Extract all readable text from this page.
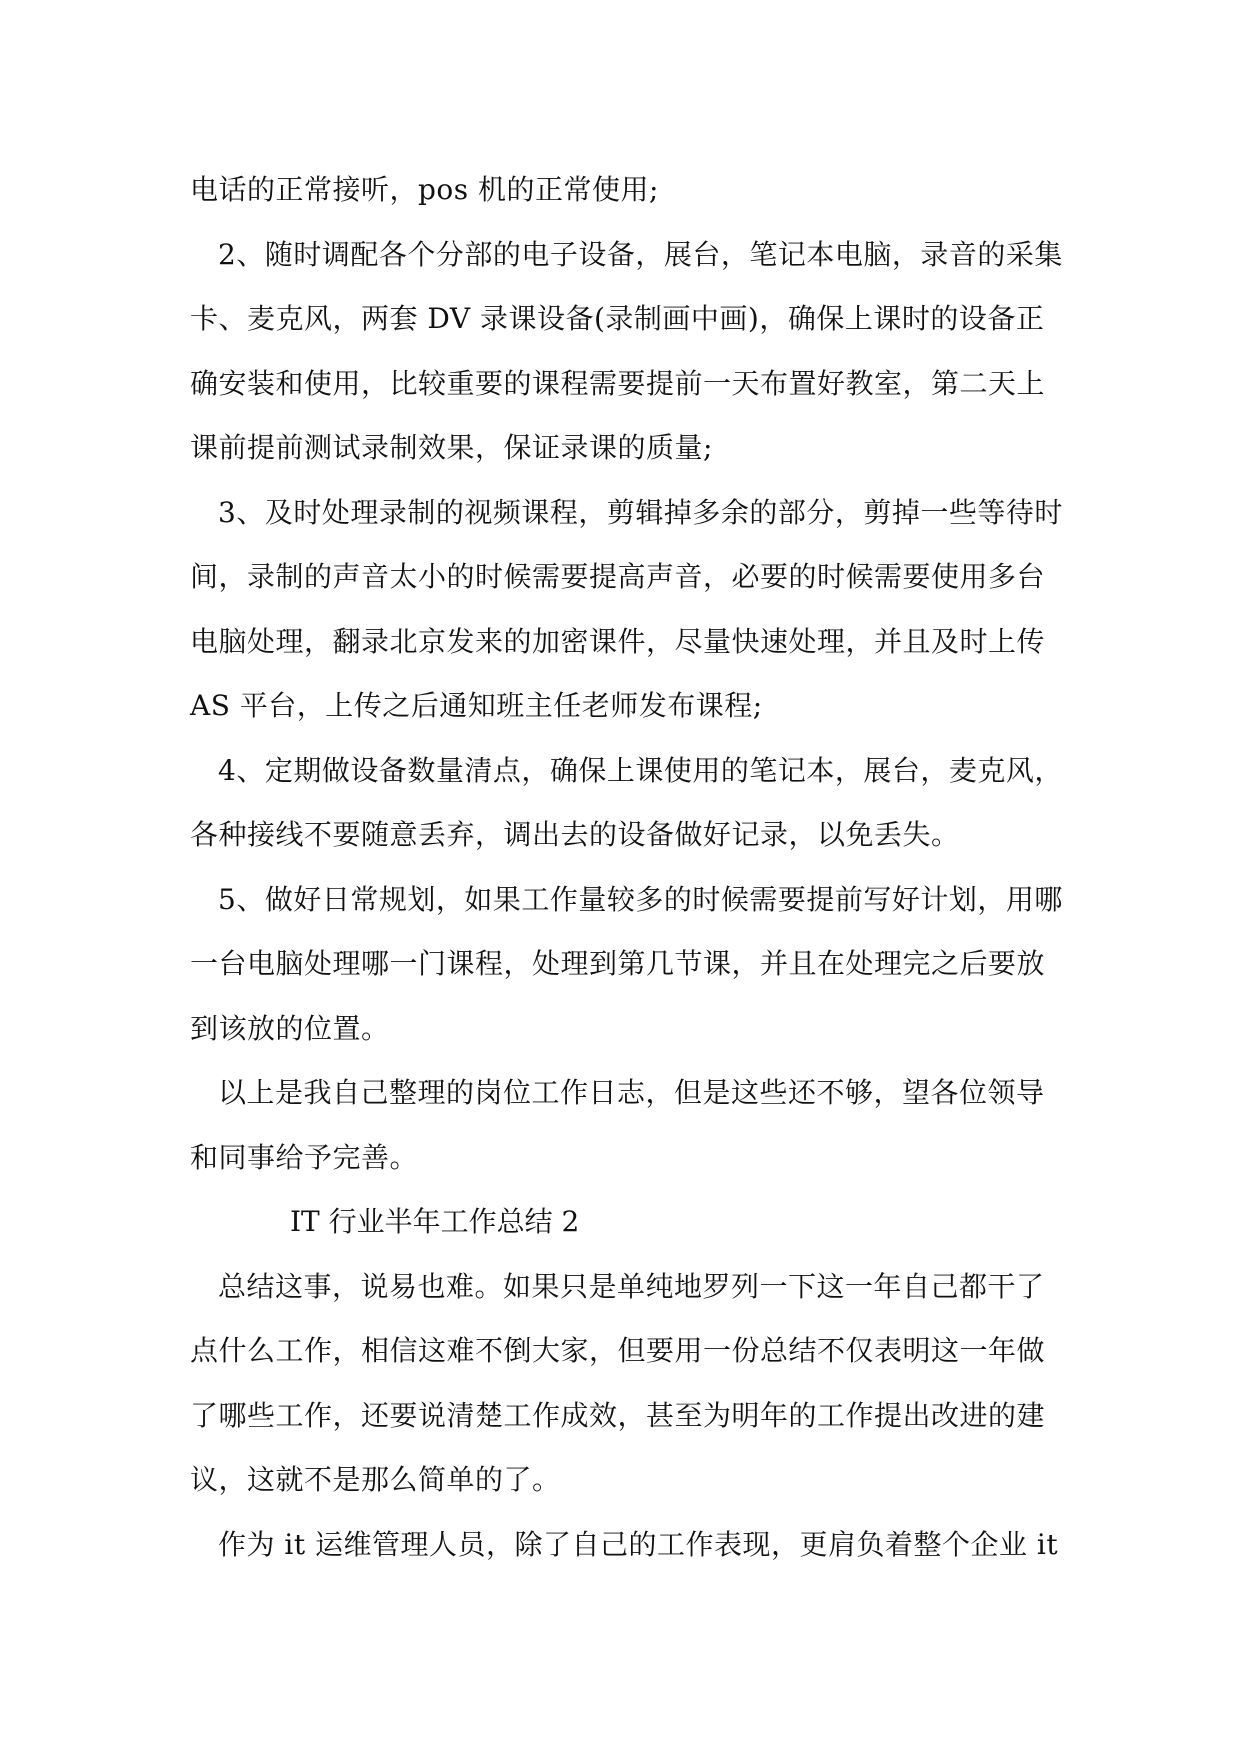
电话的正常接听，pos 机的正常使用;

2、随时调配各个分部的电子设备，展台，笔记本电脑，录音的采集卡、麦克风，两套 DV 录课设备(录制画中画)，确保上课时的设备正确安装和使用，比较重要的课程需要提前一天布置好教室，第二天上课前提前测试录制效果，保证录课的质量;

3、及时处理录制的视频课程，剪辑掉多余的部分，剪掉一些等待时间，录制的声音太小的时候需要提高声音，必要的时候需要使用多台电脑处理，翻录北京发来的加密课件，尽量快速处理，并且及时上传 AS 平台，上传之后通知班主任老师发布课程;

4、定期做设备数量清点，确保上课使用的笔记本，展台，麦克风，各种接线不要随意丢弃，调出去的设备做好记录，以免丢失。

5、做好日常规划，如果工作量较多的时候需要提前写好计划，用哪一台电脑处理哪一门课程，处理到第几节课，并且在处理完之后要放到该放的位置。

以上是我自己整理的岗位工作日志，但是这些还不够，望各位领导和同事给予完善。

IT 行业半年工作总结 2

总结这事，说易也难。如果只是单纯地罗列一下这一年自己都干了点什么工作，相信这难不倒大家，但要用一份总结不仅表明这一年做了哪些工作，还要说清楚工作成效，甚至为明年的工作提出改进的建议，这就不是那么简单的了。

作为 it 运维管理人员，除了自己的工作表现，更肩负着整个企业 it
